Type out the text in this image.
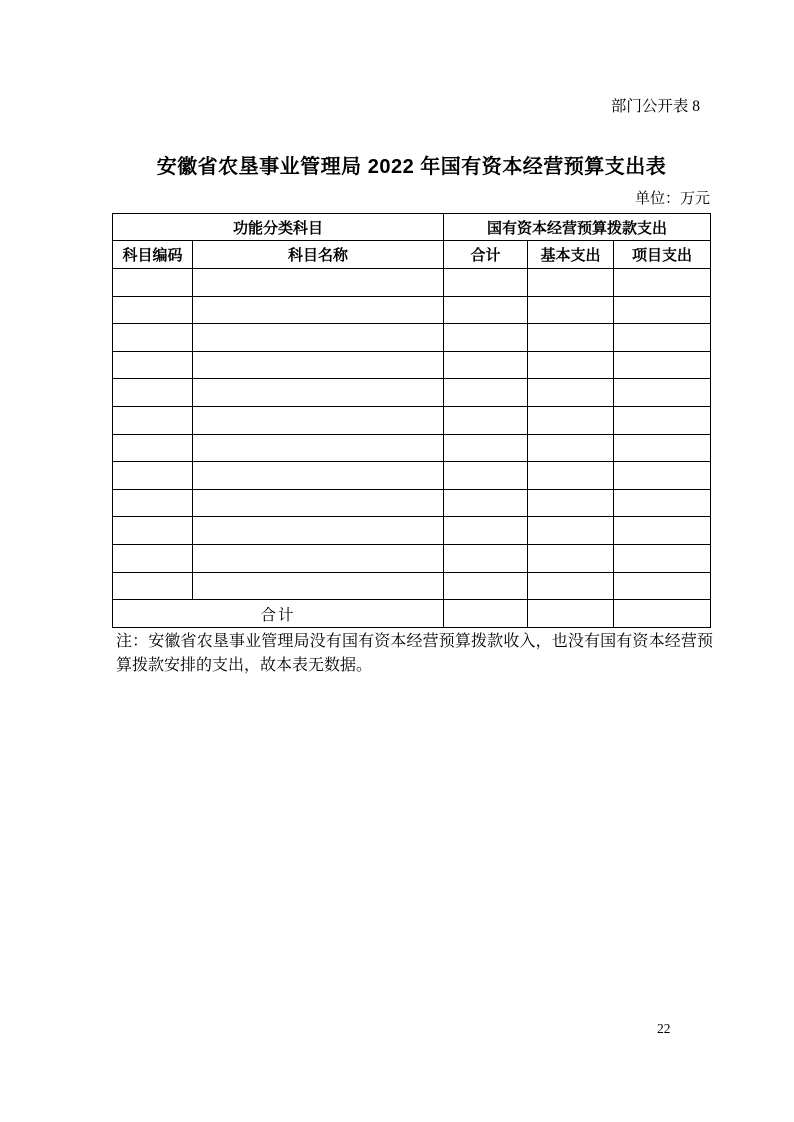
部门公开表 8
安徽省农垦事业管理局 2022 年国有资本经营预算支出表
单位：万元
功能分类科目		国有资本经营预算拨款支出		
科目编码	科目名称	合计	基本支出	项目支出

合计				

注：安徽省农垦事业管理局没有国有资本经营预算拨款收入，也没有国有资本经营预算拨款安排的支出，故本表无数据。

22
